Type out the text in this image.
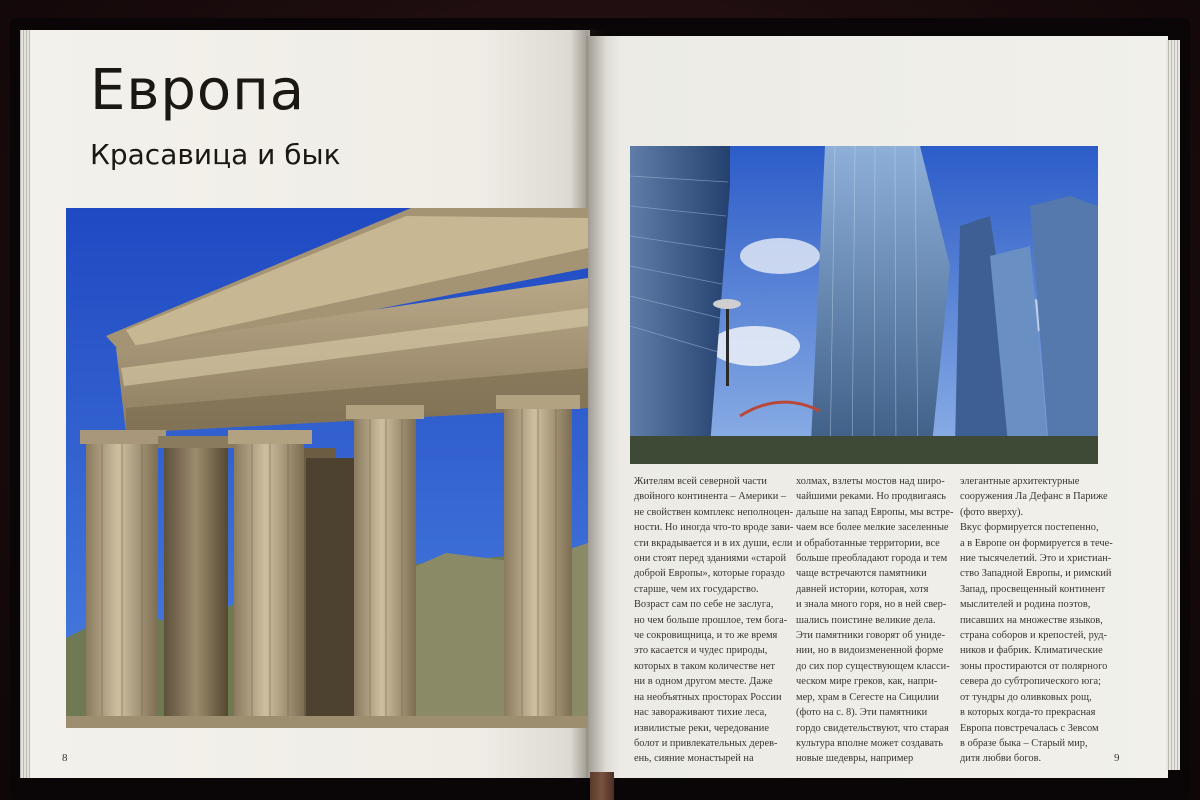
Европа
Красавица и бык
Жителям всей северной части
двойного континента – Америки –
не свойствен комплекс неполноцен-
ности. Но иногда что-то вроде зави-
сти вкрадывается и в их души, если
они стоят перед зданиями «старой
доброй Европы», которые гораздо
старше, чем их государство.
Возраст сам по себе не заслуга,
но чем больше прошлое, тем бога-
че сокровищница, и то же время
это касается и чудес природы,
которых в таком количестве нет
ни в одном другом месте. Даже
на необъятных просторах России
нас завораживают тихие леса,
извилистые реки, чередование
болот и привлекательных дерев-
ень, сияние монастырей на
холмах, взлеты мостов над широ-
чайшими реками. Но продвигаясь
дальше на запад Европы, мы встре-
чаем все более мелкие заселенные
и обработанные территории, все
больше преобладают города и тем
чаще встречаются памятники
давней истории, которая, хотя
и знала много горя, но в ней свер-
шались поистине великие дела.
Эти памятники говорят об униде-
нии, но в видоизмененной форме
до сих пор существующем класси-
ческом мире греков, как, напри-
мер, храм в Сегесте на Сицилии
(фото на с. 8). Эти памятники
гордо свидетельствуют, что старая
культура вполне может создавать
новые шедевры, например
элегантные архитектурные
сооружения Ла Дефанс в Париже
(фото вверху).
Вкус формируется постепенно,
а в Европе он формируется в тече-
ние тысячелетий. Это и христиан-
ство Западной Европы, и римский
Запад, просвещенный континент
мыслителей и родина поэтов,
писавших на множестве языков,
страна соборов и крепостей, руд-
ников и фабрик. Климатические
зоны простираются от полярного
севера до субтропического юга;
от тундры до оливковых рощ,
в которых когда-то прекрасная
Европа повстречалась с Зевсом
в образе быка – Старый мир,
дитя любви богов.
8	9
